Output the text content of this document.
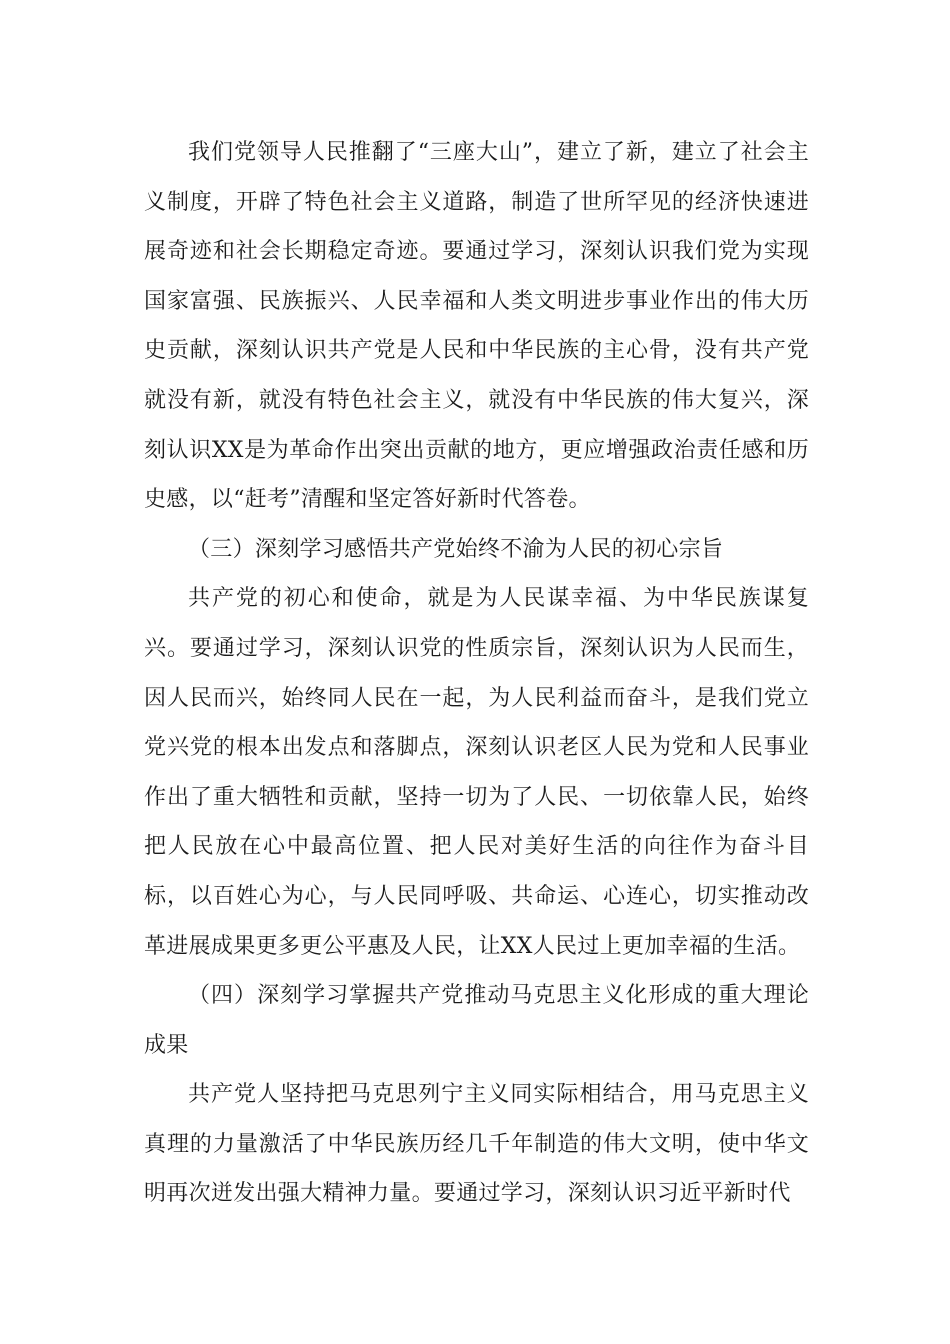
我们党领导人民推翻了“三座大山”，建立了新，建立了社会主义制度，开辟了特色社会主义道路，制造了世所罕见的经济快速进展奇迹和社会长期稳定奇迹。要通过学习，深刻认识我们党为实现国家富强、民族振兴、人民幸福和人类文明进步事业作出的伟大历史贡献，深刻认识共产党是人民和中华民族的主心骨，没有共产党就没有新，就没有特色社会主义，就没有中华民族的伟大复兴，深刻认识XX是为革命作出突出贡献的地方，更应增强政治责任感和历史感，以“赶考”清醒和坚定答好新时代答卷。

（三）深刻学习感悟共产党始终不渝为人民的初心宗旨

共产党的初心和使命，就是为人民谋幸福、为中华民族谋复兴。要通过学习，深刻认识党的性质宗旨，深刻认识为人民而生，因人民而兴，始终同人民在一起，为人民利益而奋斗，是我们党立党兴党的根本出发点和落脚点，深刻认识老区人民为党和人民事业作出了重大牺牲和贡献，坚持一切为了人民、一切依靠人民，始终把人民放在心中最高位置、把人民对美好生活的向往作为奋斗目标，以百姓心为心，与人民同呼吸、共命运、心连心，切实推动改革进展成果更多更公平惠及人民，让XX人民过上更加幸福的生活。

（四）深刻学习掌握共产党推动马克思主义化形成的重大理论成果

共产党人坚持把马克思列宁主义同实际相结合，用马克思主义真理的力量激活了中华民族历经几千年制造的伟大文明，使中华文明再次迸发出强大精神力量。要通过学习，深刻认识习近平新时代
